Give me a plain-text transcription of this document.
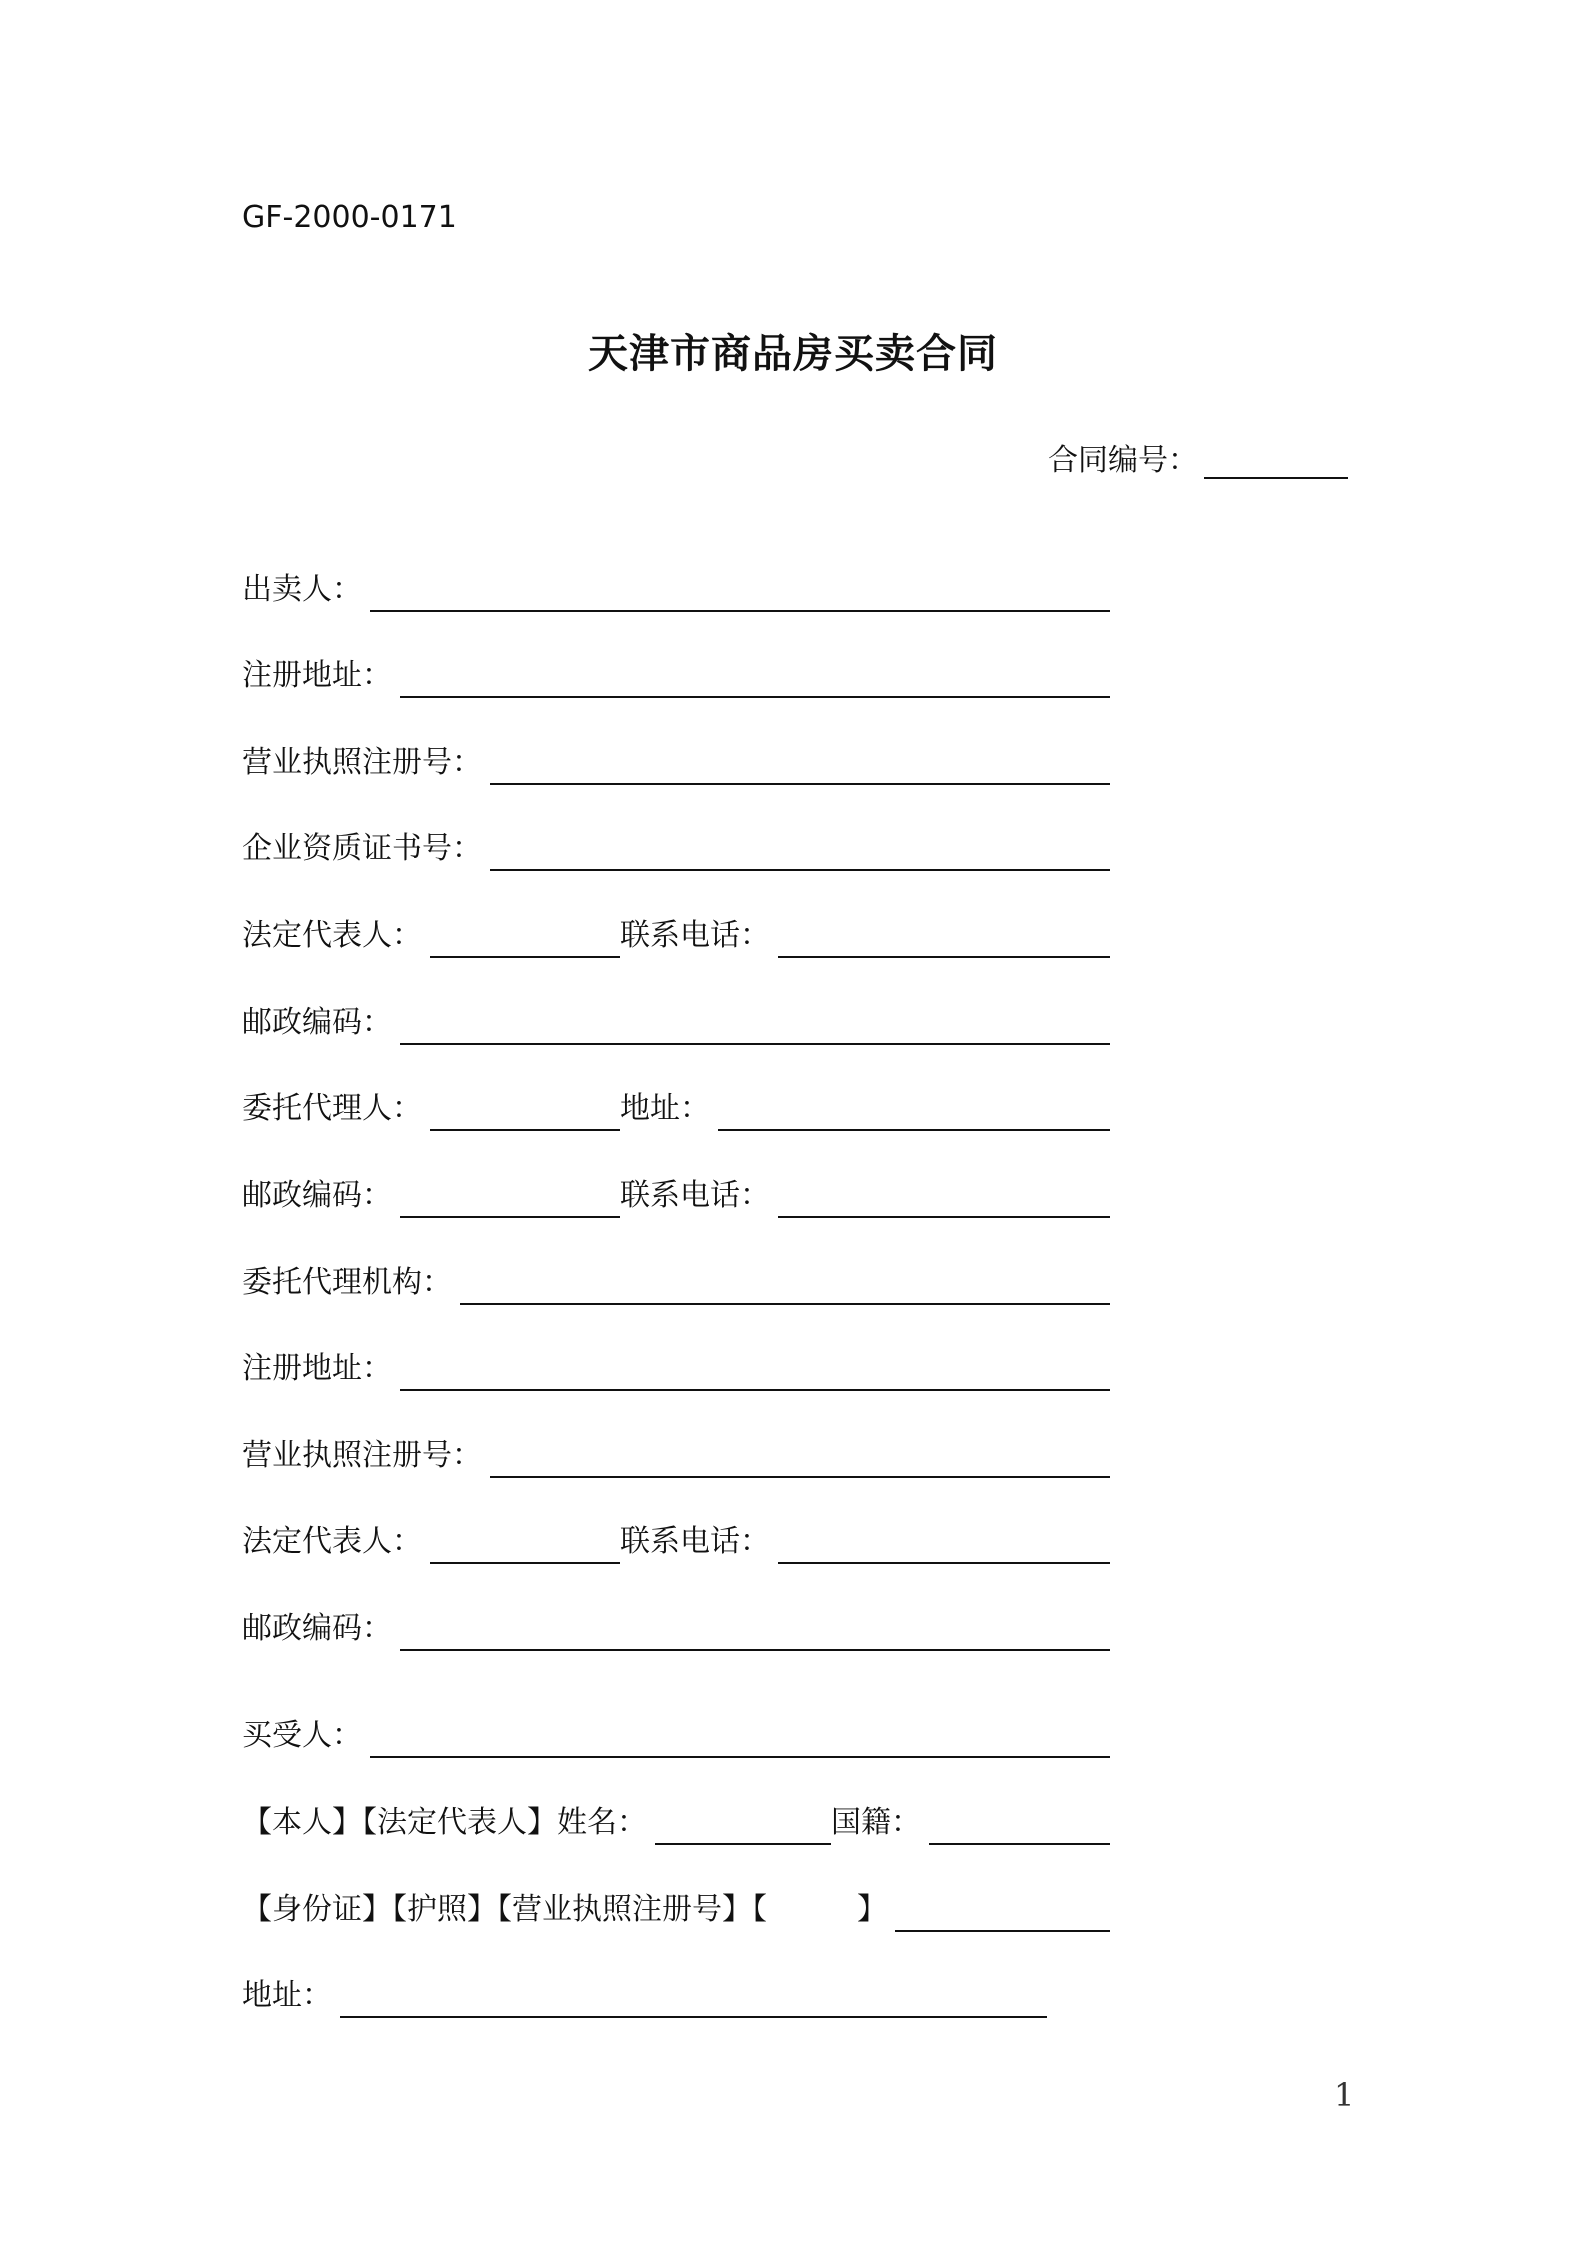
GF-2000-0171
天津市商品房买卖合同
合同编号：
出卖人：
注册地址：
营业执照注册号：
企业资质证书号：
法定代表人：	联系电话：
邮政编码：
委托代理人：	地址：
邮政编码：	联系电话：
委托代理机构：
注册地址：
营业执照注册号：
法定代表人：	联系电话：
邮政编码：
买受人：
【本人】【法定代表人】姓名：	国籍：
【身份证】【护照】【营业执照注册号】【　　　】
地址：
1
